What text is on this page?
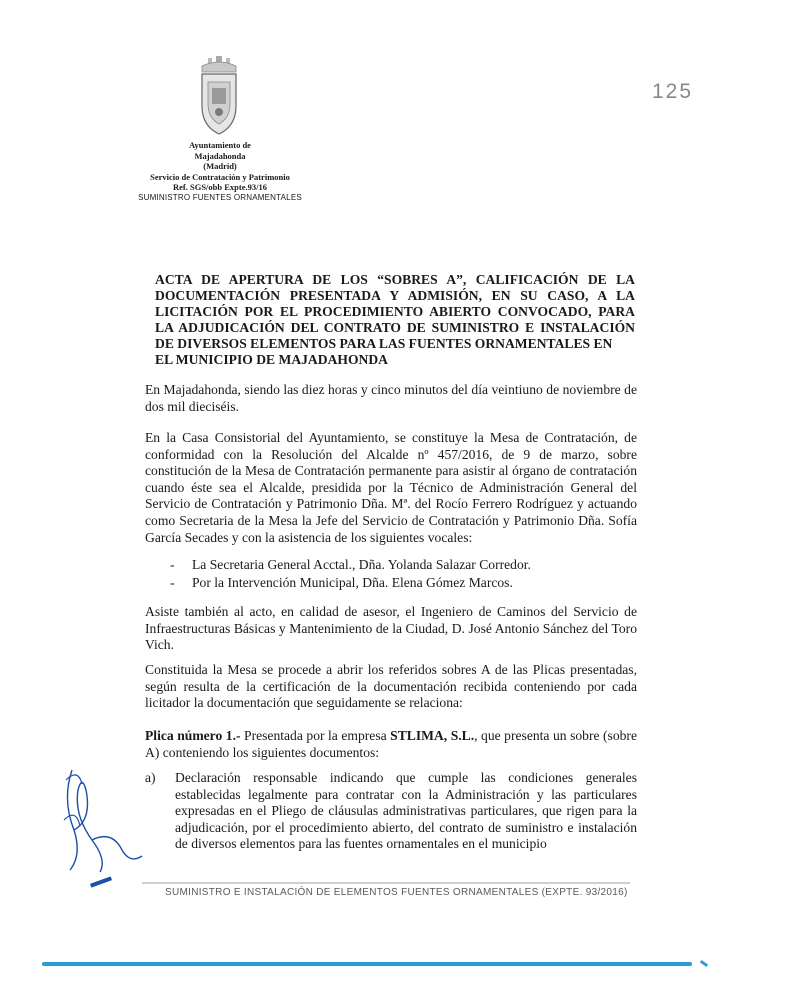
125
Ayuntamiento de
Majadahonda
(Madrid)
Servicio de Contratación y Patrimonio
Ref. SGS/obb Expte.93/16
SUMINISTRO FUENTES ORNAMENTALES
ACTA DE APERTURA DE LOS “SOBRES A”, CALIFICACIÓN DE LA DOCUMENTACIÓN PRESENTADA Y ADMISIÓN, EN SU CASO, A LA LICITACIÓN POR EL PROCEDIMIENTO ABIERTO CONVOCADO, PARA LA ADJUDICACIÓN DEL CONTRATO DE SUMINISTRO E INSTALACIÓN DE DIVERSOS ELEMENTOS PARA LAS FUENTES ORNAMENTALES EN
EL MUNICIPIO DE MAJADAHONDA
En Majadahonda, siendo las diez horas y cinco minutos del día veintiuno de noviembre de dos mil dieciséis.
En la Casa Consistorial del Ayuntamiento, se constituye la Mesa de Contratación, de conformidad con la Resolución del Alcalde nº 457/2016, de 9 de marzo, sobre constitución de la Mesa de Contratación permanente para asistir al órgano de contratación cuando éste sea el Alcalde, presidida por la Técnico de Administración General del Servicio de Contratación y Patrimonio Dña. Mª. del Rocío Ferrero Rodríguez y actuando como Secretaria de la Mesa la Jefe del Servicio de Contratación y Patrimonio Dña. Sofía García Secades y con la asistencia de los siguientes vocales:
- La Secretaria General Acctal., Dña. Yolanda Salazar Corredor.
- Por la Intervención Municipal, Dña. Elena Gómez Marcos.
Asiste también al acto, en calidad de asesor, el Ingeniero de Caminos del Servicio de Infraestructuras Básicas y Mantenimiento de la Ciudad, D. José Antonio Sánchez del Toro Vich.
Constituida la Mesa se procede a abrir los referidos sobres A de las Plicas presentadas, según resulta de la certificación de la documentación recibida conteniendo por cada licitador la documentación que seguidamente se relaciona:
Plica número 1.- Presentada por la empresa STLIMA, S.L., que presenta un sobre (sobre A) conteniendo los siguientes documentos:
a) Declaración responsable indicando que cumple las condiciones generales establecidas legalmente para contratar con la Administración y las particulares expresadas en el Pliego de cláusulas administrativas particulares, que rigen para la adjudicación, por el procedimiento abierto, del contrato de suministro e instalación de diversos elementos para las fuentes ornamentales en el municipio
SUMINISTRO E INSTALACIÓN DE ELEMENTOS FUENTES ORNAMENTALES (EXPTE. 93/2016)
